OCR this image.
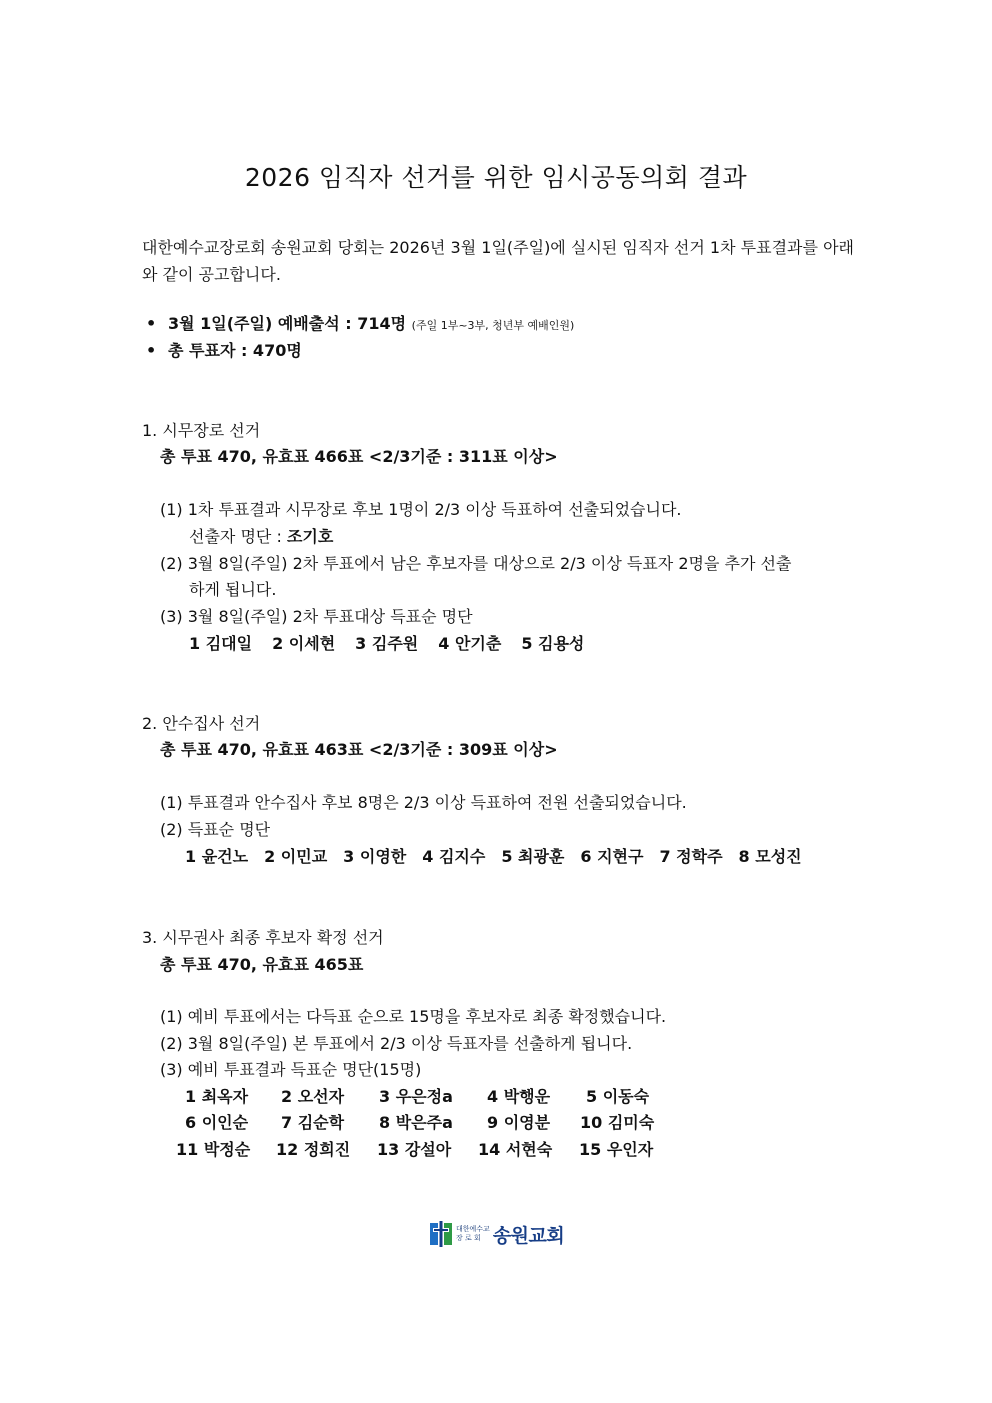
2026 임직자 선거를 위한 임시공동의회 결과
대한예수교장로회 송원교회 당회는 2026년 3월 1일(주일)에 실시된 임직자 선거 1차 투표결과를 아래와 같이 공고합니다.
• 3월 1일(주일) 예배출석 : 714명 (주일 1부~3부, 청년부 예배인원)
• 총 투표자 : 470명
1. 시무장로 선거
총 투표 470, 유효표 466표 <2/3기준 : 311표 이상>
(1) 1차 투표결과 시무장로 후보 1명이 2/3 이상 득표하여 선출되었습니다.
선출자 명단 : 조기호
(2) 3월 8일(주일) 2차 투표에서 남은 후보자를 대상으로 2/3 이상 득표자 2명을 추가 선출
하게 됩니다.
(3) 3월 8일(주일) 2차 투표대상 득표순 명단
1 김대일 2 이세현 3 김주원 4 안기춘 5 김용성
2. 안수집사 선거
총 투표 470, 유효표 463표 <2/3기준 : 309표 이상>
(1) 투표결과 안수집사 후보 8명은 2/3 이상 득표하여 전원 선출되었습니다.
(2) 득표순 명단
1 윤건노 2 이민교 3 이영한 4 김지수 5 최광훈 6 지현구 7 정학주 8 모성진
3. 시무권사 최종 후보자 확정 선거
총 투표 470, 유효표 465표
(1) 예비 투표에서는 다득표 순으로 15명을 후보자로 최종 확정했습니다.
(2) 3월 8일(주일) 본 투표에서 2/3 이상 득표자를 선출하게 됩니다.
(3) 예비 투표결과 득표순 명단(15명)
1 최옥자 2 오선자 3 우은정a 4 박행운 5 이동숙
6 이인순 7 김순학 8 박은주a 9 이영분 10 김미숙
11 박정순 12 정희진 13 강설아 14 서현숙 15 우인자
대한예수교
장 로 회 송원교회
